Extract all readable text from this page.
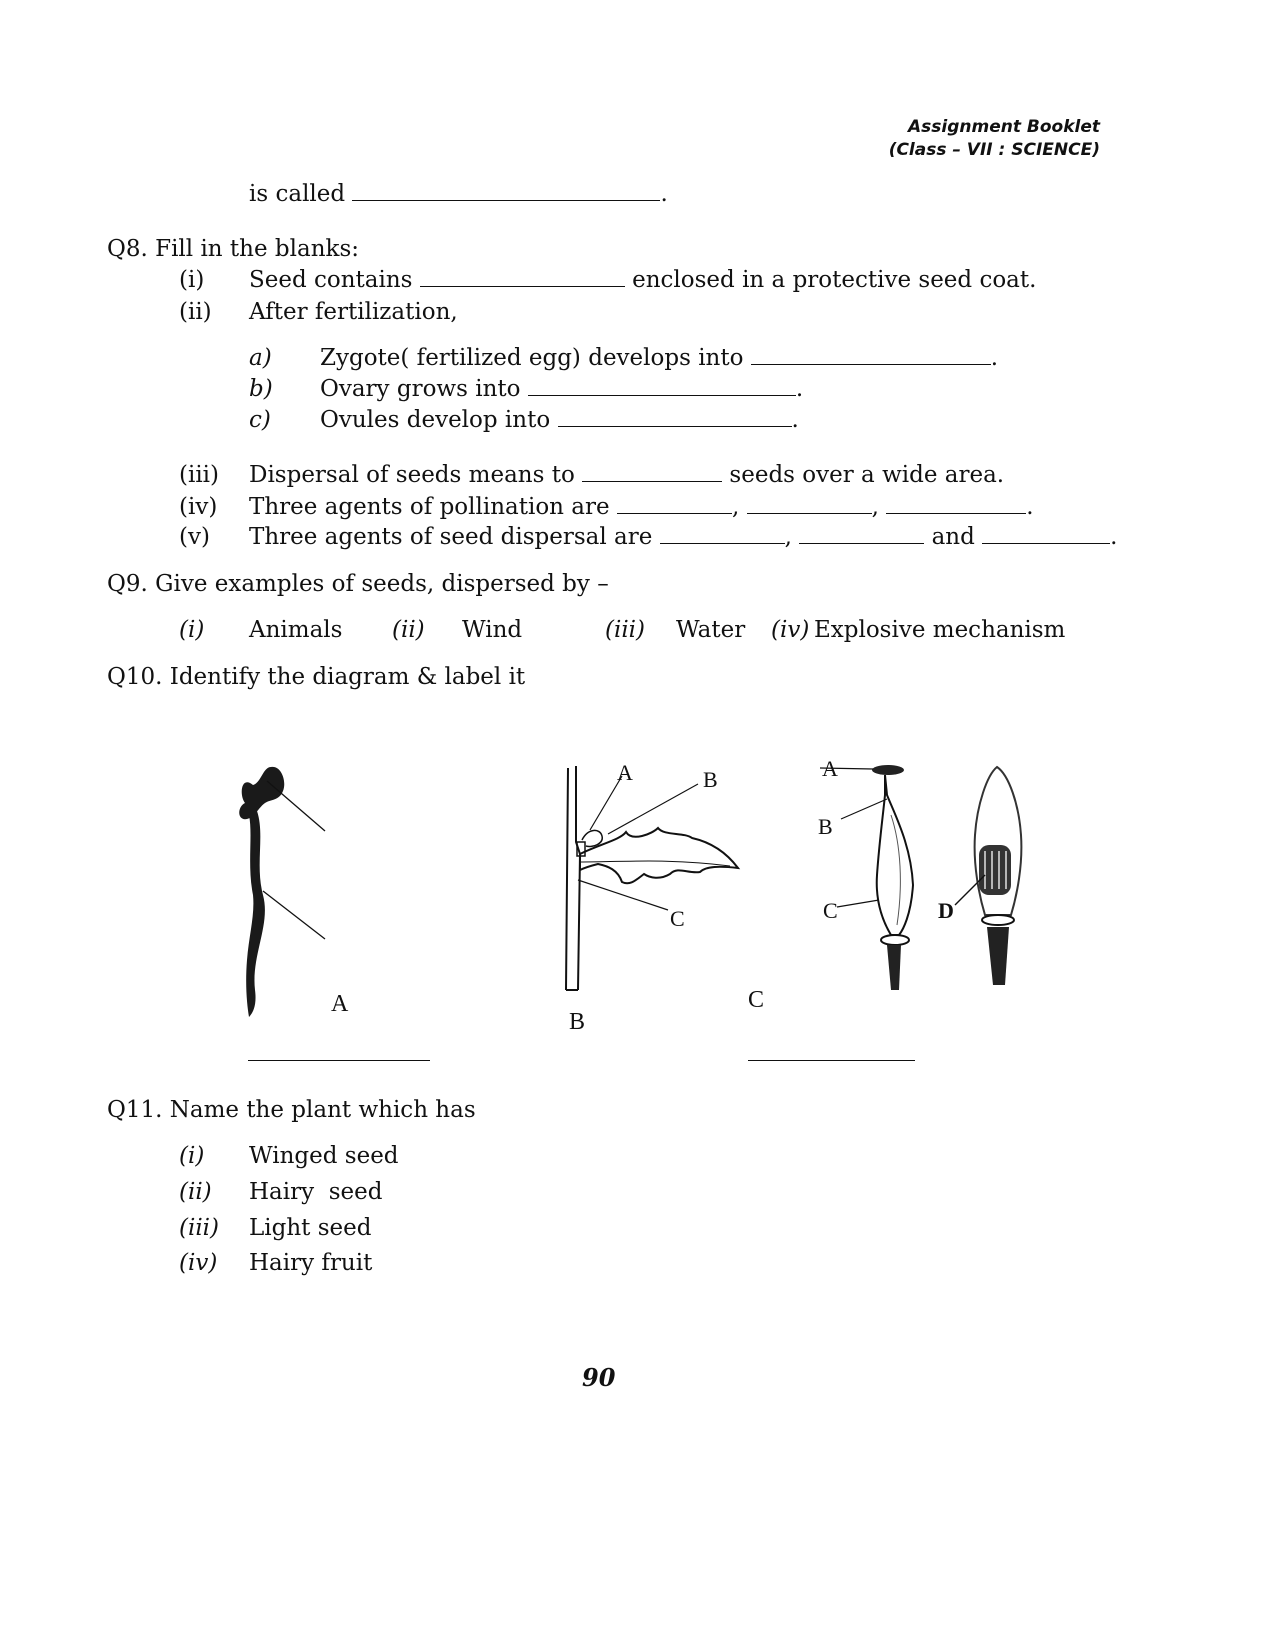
Assignment Booklet
(Class – VII : SCIENCE)
is called	.
Q8. Fill in the blanks:
(i) Seed contains	enclosed in a protective seed coat.
(ii) After fertilization,
a) Zygote( fertilized egg) develops into	.
b) Ovary grows into	.
c) Ovules develop into	.
(iii) Dispersal of seeds means to	seeds over a wide area.
(iv) Three agents of pollination are	,	,	.
(v) Three agents of seed dispersal are	,	and	.
Q9. Give examples of seeds, dispersed by –
(i) Animals (ii) Wind	(iii) Water (iv) Explosive mechanism
Q10. Identify the diagram & label it
A
A	B
C
B
A
B
C	D
C
Q11. Name the plant which has
(i) Winged seed
(ii) Hairy  seed
(iii) Light seed
(iv) Hairy fruit
90
